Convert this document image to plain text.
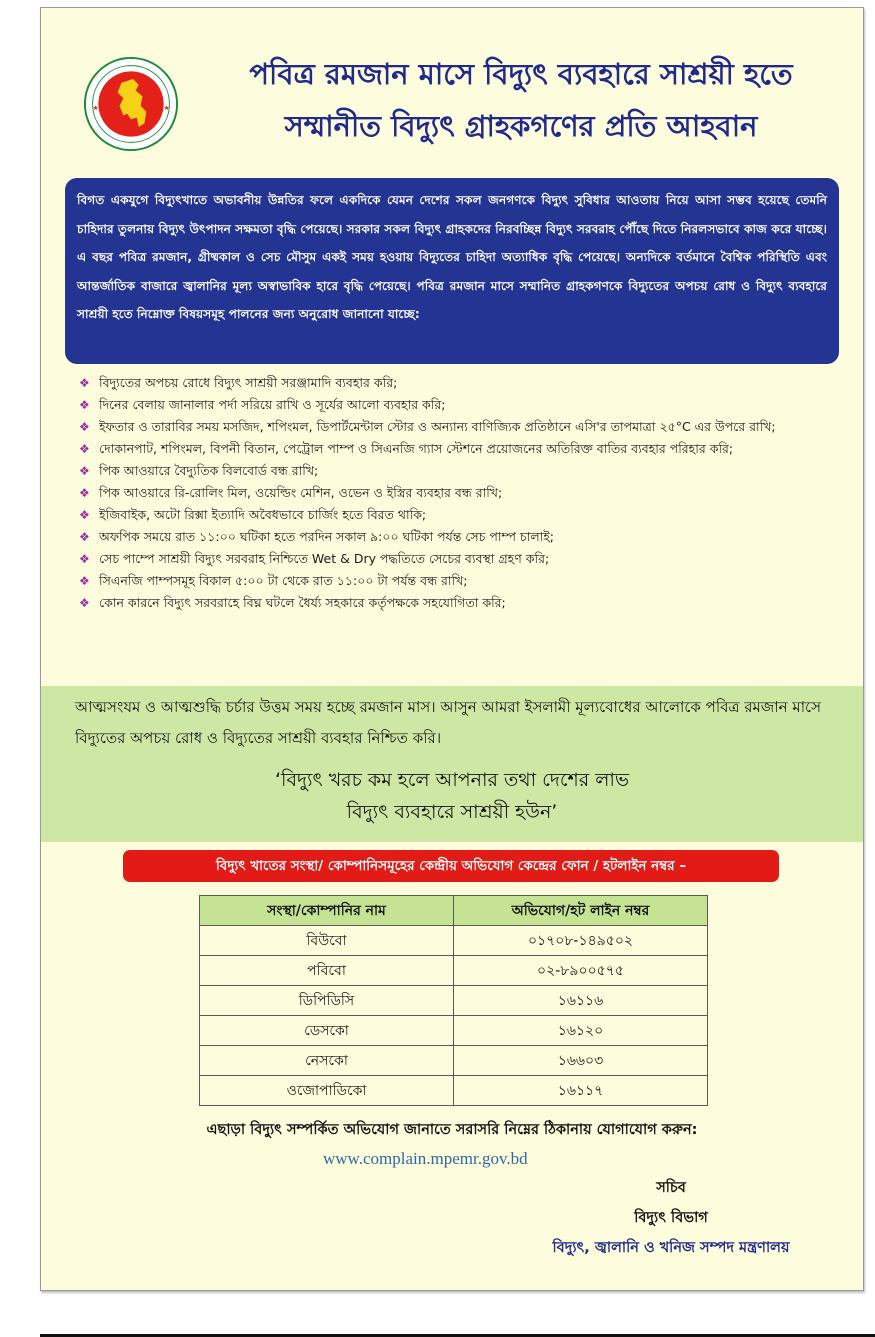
★	★
পবিত্র রমজান মাসে বিদ্যুৎ ব্যবহারে সাশ্রয়ী হতে
সম্মানীত বিদ্যুৎ গ্রাহকগণের প্রতি আহবান
বিগত একযুগে বিদ্যুৎখাতে অভাবনীয় উন্নতির ফলে একদিকে যেমন দেশের সকল জনগণকে বিদ্যুৎ সুবিধার আওতায় নিয়ে আসা সম্ভব হয়েছে তেমনি চাহিদার তুলনায় বিদ্যুৎ উৎপাদন সক্ষমতা বৃদ্ধি পেয়েছে। সরকার সকল বিদ্যুৎ গ্রাহকদের নিরবচ্ছিন্ন বিদ্যুৎ সরবরাহ পৌঁছে দিতে নিরলসভাবে কাজ করে যাচ্ছে। এ বছর পবিত্র রমজান, গ্রীষ্মকাল ও সেচ মৌসুম একই সময় হওয়ায় বিদ্যুতের চাহিদা অত্যাধিক বৃদ্ধি পেয়েছে। অন্যদিকে বর্তমানে বৈশ্বিক পরিস্থিতি এবং আন্তর্জাতিক বাজারে জ্বালানির মূল্য অস্বাভাবিক হারে বৃদ্ধি পেয়েছে। পবিত্র রমজান মাসে সম্মানিত গ্রাহকগণকে বিদ্যুতের অপচয় রোধ ও বিদ্যুৎ ব্যবহারে সাশ্রয়ী হতে নিম্নোক্ত বিষয়সমূহ পালনের জন্য অনুরোধ জানানো যাচ্ছে:
❖ বিদ্যুতের অপচয় রোধে বিদ্যুৎ সাশ্রয়ী সরঞ্জামাদি ব্যবহার করি;
❖ দিনের বেলায় জানালার পর্দা সরিয়ে রাখি ও সূর্যের আলো ব্যবহার করি;
❖ ইফতার ও তারাবির সময় মসজিদ, শপিংমল, ডিপার্টমেন্টাল স্টোর ও অন্যান্য বাণিজ্যিক প্রতিষ্ঠানে এসি'র তাপমাত্রা ২৫°C এর উপরে রাখি;
❖ দোকানপাট, শপিংমল, বিপনী বিতান, পেট্রোল পাম্প ও সিএনজি গ্যাস স্টেশনে প্রয়োজনের অতিরিক্ত বাতির ব্যবহার পরিহার করি;
❖ পিক আওয়ারে বৈদ্যুতিক বিলবোর্ড বন্ধ রাখি;
❖ পিক আওয়ারে রি-রোলিং মিল, ওয়েল্ডিং মেশিন, ওভেন ও ইস্ত্রির ব্যবহার বন্ধ রাখি;
❖ ইজিবাইক, অটো রিক্সা ইত্যাদি অবৈধভাবে চার্জিং হতে বিরত থাকি;
❖ অফপিক সময়ে রাত ১১:০০ ঘটিকা হতে পরদিন সকাল ৯:০০ ঘটিকা পর্যন্ত সেচ পাম্প চালাই;
❖ সেচ পাম্পে সাশ্রয়ী বিদ্যুৎ সরবরাহ নিশ্চিতে Wet & Dry পদ্ধতিতে সেচের ব্যবস্থা গ্রহণ করি;
❖ সিএনজি পাম্পসমূহ বিকাল ৫:০০ টা থেকে রাত ১১:০০ টা পর্যন্ত বন্ধ রাখি;
❖ কোন কারনে বিদ্যুৎ সরবরাহে বিঘ্ন ঘটলে ধৈর্য্য সহকারে কর্তৃপক্ষকে সহযোগিতা করি;

আত্মসংযম ও আত্মশুদ্ধি চর্চার উত্তম সময় হচ্ছে রমজান মাস। আসুন আমরা ইসলামী মূল্যবোধের আলোকে পবিত্র রমজান মাসে বিদ্যুতের অপচয় রোধ ও বিদ্যুতের সাশ্রয়ী ব্যবহার নিশ্চিত করি।

‘বিদ্যুৎ খরচ কম হলে আপনার তথা দেশের লাভ
বিদ্যুৎ ব্যবহারে সাশ্রয়ী হউন’
বিদ্যুৎ খাতের সংস্থা/ কোম্পানিসমূহের কেন্দ্রীয় অভিযোগ কেন্দ্রের ফোন / হটলাইন নম্বর –
সংস্থা/কোম্পানির নাম	অভিযোগ/হট লাইন নম্বর
বিউবো	০১৭০৮-১৪৯৫০২
পবিবো	০২-৮৯০০৫৭৫
ডিপিডিসি	১৬১১৬
ডেসকো	১৬১২০
নেসকো	১৬৬০৩
ওজোপাডিকো	১৬১১৭
এছাড়া বিদ্যুৎ সম্পর্কিত অভিযোগ জানাতে সরাসরি নিম্নের ঠিকানায় যোগাযোগ করুন:
www.complain.mpemr.gov.bd
সচিব
বিদ্যুৎ বিভাগ
বিদ্যুৎ, জ্বালানি ও খনিজ সম্পদ মন্ত্রণালয়
